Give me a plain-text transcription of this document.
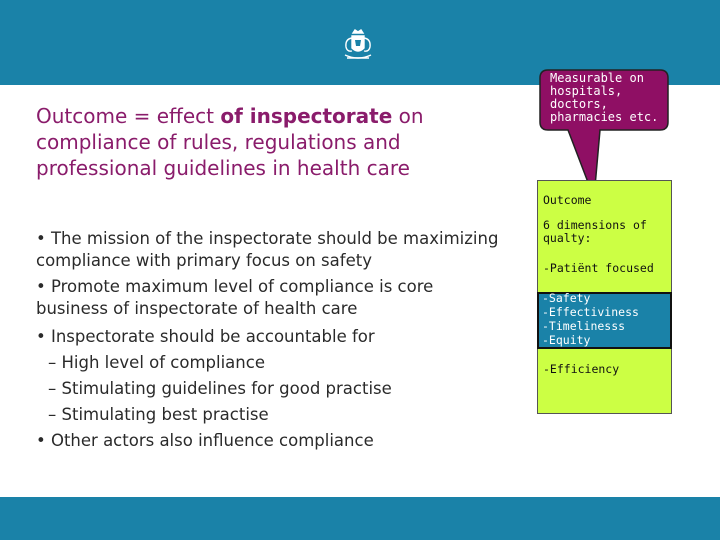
Outcome = effect of inspectorate on compliance of rules, regulations and professional guidelines in health care
• The mission of the inspectorate should be maximizing compliance with primary focus on safety
• Promote maximum level of compliance is core business of inspectorate of health care
• Inspectorate should be accountable for
– High level of compliance
– Stimulating guidelines for good practise
– Stimulating best practise
• Other actors also influence compliance
Measurable on hospitals, doctors, pharmacies etc.
Outcome
6 dimensions of qualty:
-Patiënt focused
-Safety
-Effectiviness
-Timelinesss
-Equity
-Efficiency
